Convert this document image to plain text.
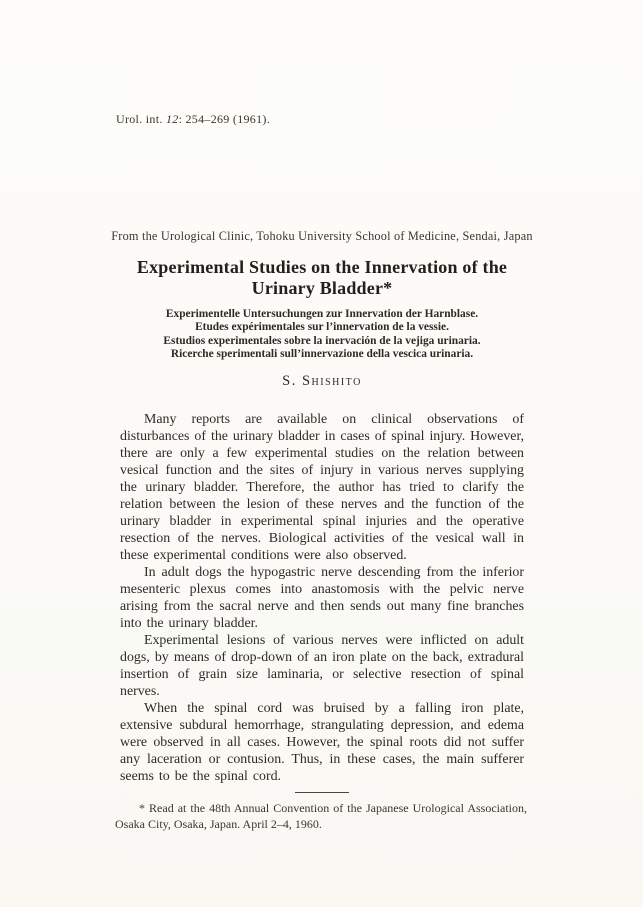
Urol. int. 12: 254–269 (1961).
From the Urological Clinic, Tohoku University School of Medicine, Sendai, Japan
Experimental Studies on the Innervation of the Urinary Bladder*
Experimentelle Untersuchungen zur Innervation der Harnblase.
Etudes expérimentales sur l’innervation de la vessie.
Estudios experimentales sobre la inervación de la vejiga urinaria.
Ricerche sperimentali sull’innervazione della vescica urinaria.
S. Shishito

Many reports are available on clinical observations of disturbances of the urinary bladder in cases of spinal injury. However, there are only a few experimental studies on the relation between vesical function and the sites of injury in various nerves supplying the urinary bladder. Therefore, the author has tried to clarify the relation between the lesion of these nerves and the function of the urinary bladder in experimental spinal injuries and the operative resection of the nerves. Biological activities of the vesical wall in these experimental conditions were also observed.

In adult dogs the hypogastric nerve descending from the inferior mesenteric plexus comes into anastomosis with the pelvic nerve arising from the sacral nerve and then sends out many fine branches into the urinary bladder.

Experimental lesions of various nerves were inflicted on adult dogs, by means of drop-down of an iron plate on the back, extradural insertion of grain size laminaria, or selective resection of spinal nerves.

When the spinal cord was bruised by a falling iron plate, extensive subdural hemorrhage, strangulating depression, and edema were observed in all cases. However, the spinal roots did not suffer any laceration or contusion. Thus, in these cases, the main sufferer seems to be the spinal cord.

* Read at the 48th Annual Convention of the Japanese Urological Association, Osaka City, Osaka, Japan. April 2–4, 1960.
